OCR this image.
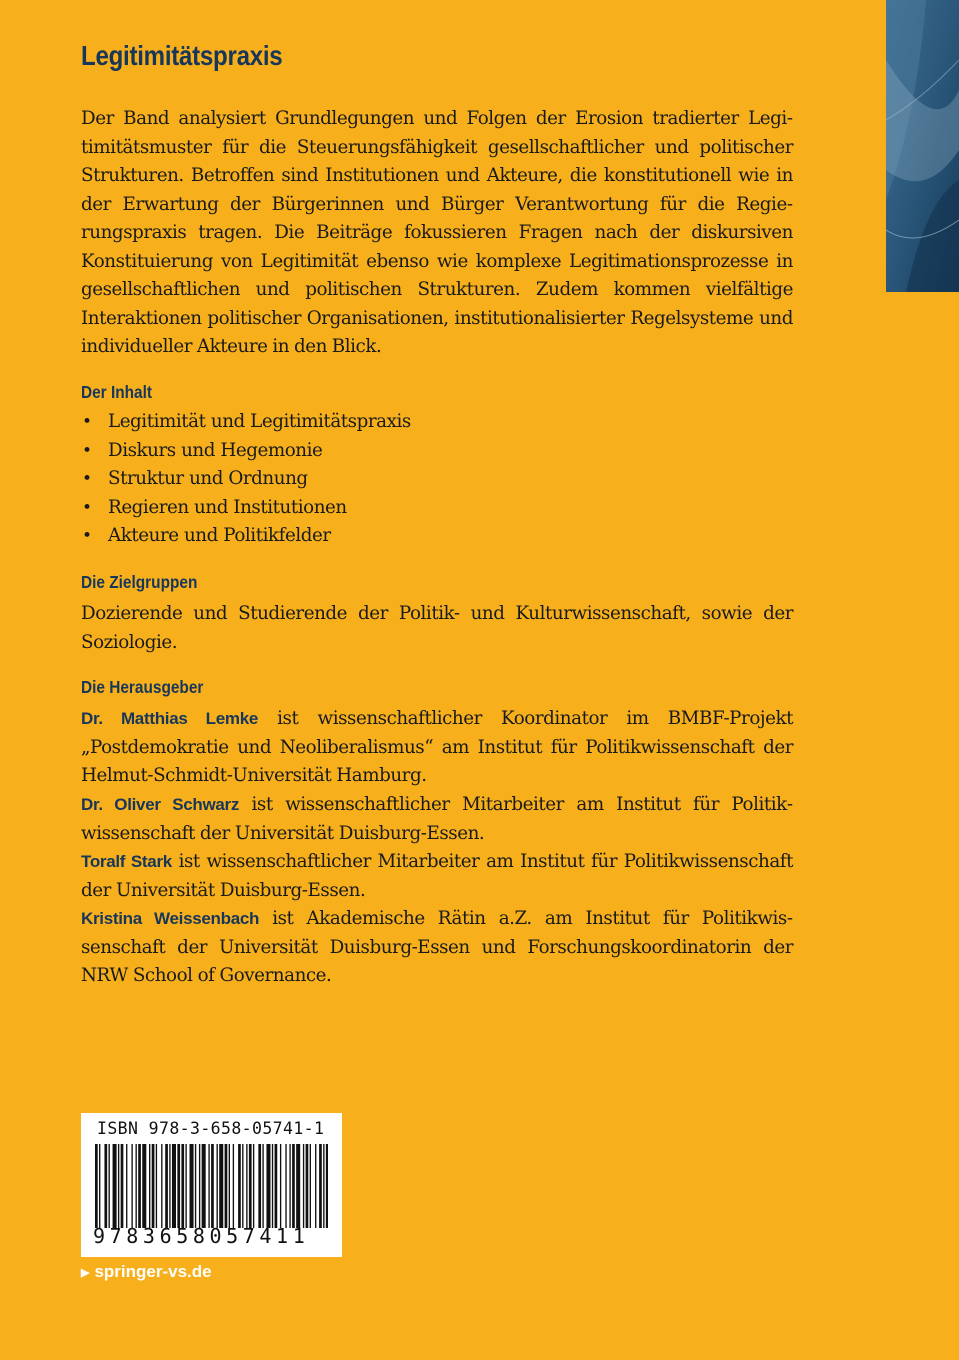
Legitimitätspraxis

Der Band analysiert Grundlegungen und Folgen der Erosion tradierter Legitimitätsmuster für die Steuerungsfähigkeit gesellschaftlicher und politischer Strukturen. Betroffen sind Institutionen und Akteure, die konstitutionell wie in der Erwartung der Bürgerinnen und Bürger Verantwortung für die Regierungspraxis tragen. Die Beiträge fokussieren Fragen nach der diskursiven Konstituierung von Legitimität ebenso wie komplexe Legitimationsprozesse in gesellschaftlichen und politischen Strukturen. Zudem kommen vielfältige Interaktionen politischer Organisationen, institutionalisierter Regelsysteme und individueller Akteure in den Blick.

Der Inhalt
• Legitimität und Legitimitätspraxis
• Diskurs und Hegemonie
• Struktur und Ordnung
• Regieren und Institutionen
• Akteure und Politikfelder
Die Zielgruppen

Dozierende und Studierende der Politik- und Kulturwissenschaft, sowie der Soziologie.

Die Herausgeber

Dr. Matthias Lemke ist wissenschaftlicher Koordinator im BMBF-Projekt „Postdemokratie und Neoliberalismus“ am Institut für Politikwissenschaft der Helmut-Schmidt-Universität Hamburg.

Dr. Oliver Schwarz ist wissenschaftlicher Mitarbeiter am Institut für Politikwissenschaft der Universität Duisburg-Essen.

Toralf Stark ist wissenschaftlicher Mitarbeiter am Institut für Politikwissenschaft der Universität Duisburg-Essen.

Kristina Weissenbach ist Akademische Rätin a.Z. am Institut für Politikwissenschaft der Universität Duisburg-Essen und Forschungskoordinatorin der NRW School of Governance.

ISBN 978-3-658-05741-1

9783658057411

▶ springer-vs.de
